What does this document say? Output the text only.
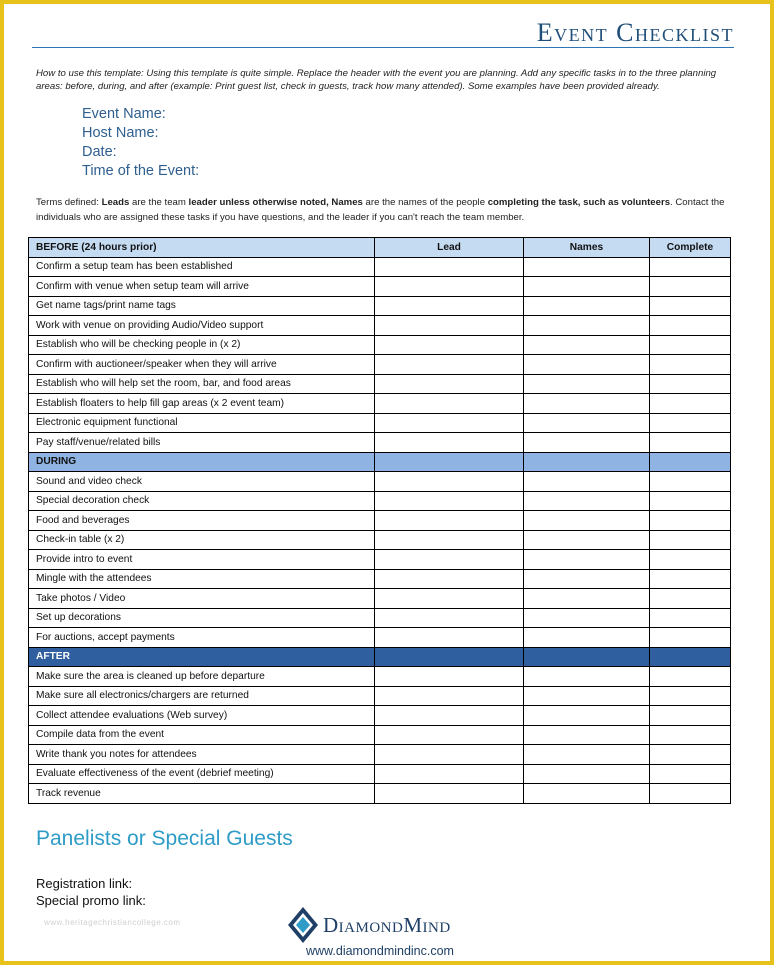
Event Checklist
How to use this template: Using this template is quite simple. Replace the header with the event you are planning. Add any specific tasks in to the three planning areas: before, during, and after (example: Print guest list, check in guests, track how many attended). Some examples have been provided already.
Event Name:
Host Name:
Date:
Time of the Event:
Terms defined: Leads are the team leader unless otherwise noted, Names are the names of the people completing the task, such as volunteers. Contact the individuals who are assigned these tasks if you have questions, and the leader if you can't reach the team member.
BEFORE (24 hours prior)	Lead	Names	Complete
Confirm a setup team has been established			
Confirm with venue when setup team will arrive			
Get name tags/print name tags			
Work with venue on providing Audio/Video support			
Establish who will be checking people in (x 2)			
Confirm with auctioneer/speaker when they will arrive			
Establish who will help set the room, bar, and food areas			
Establish floaters to help fill gap areas (x 2 event team)			
Electronic equipment functional			
Pay staff/venue/related bills			
DURING			
Sound and video check			
Special decoration check			
Food and beverages			
Check-in table (x 2)			
Provide intro to event			
Mingle with the attendees			
Take photos / Video			
Set up decorations			
For auctions, accept payments			
AFTER			
Make sure the area is cleaned up before departure			
Make sure all electronics/chargers are returned			
Collect attendee evaluations (Web survey)			
Compile data from the event			
Write thank you notes for attendees			
Evaluate effectiveness of the event (debrief meeting)			
Track revenue			
Panelists or Special Guests
Registration link:
Special promo link:
www.heritagechristiancollege.com	DiamondMind
www.diamondmindinc.com
